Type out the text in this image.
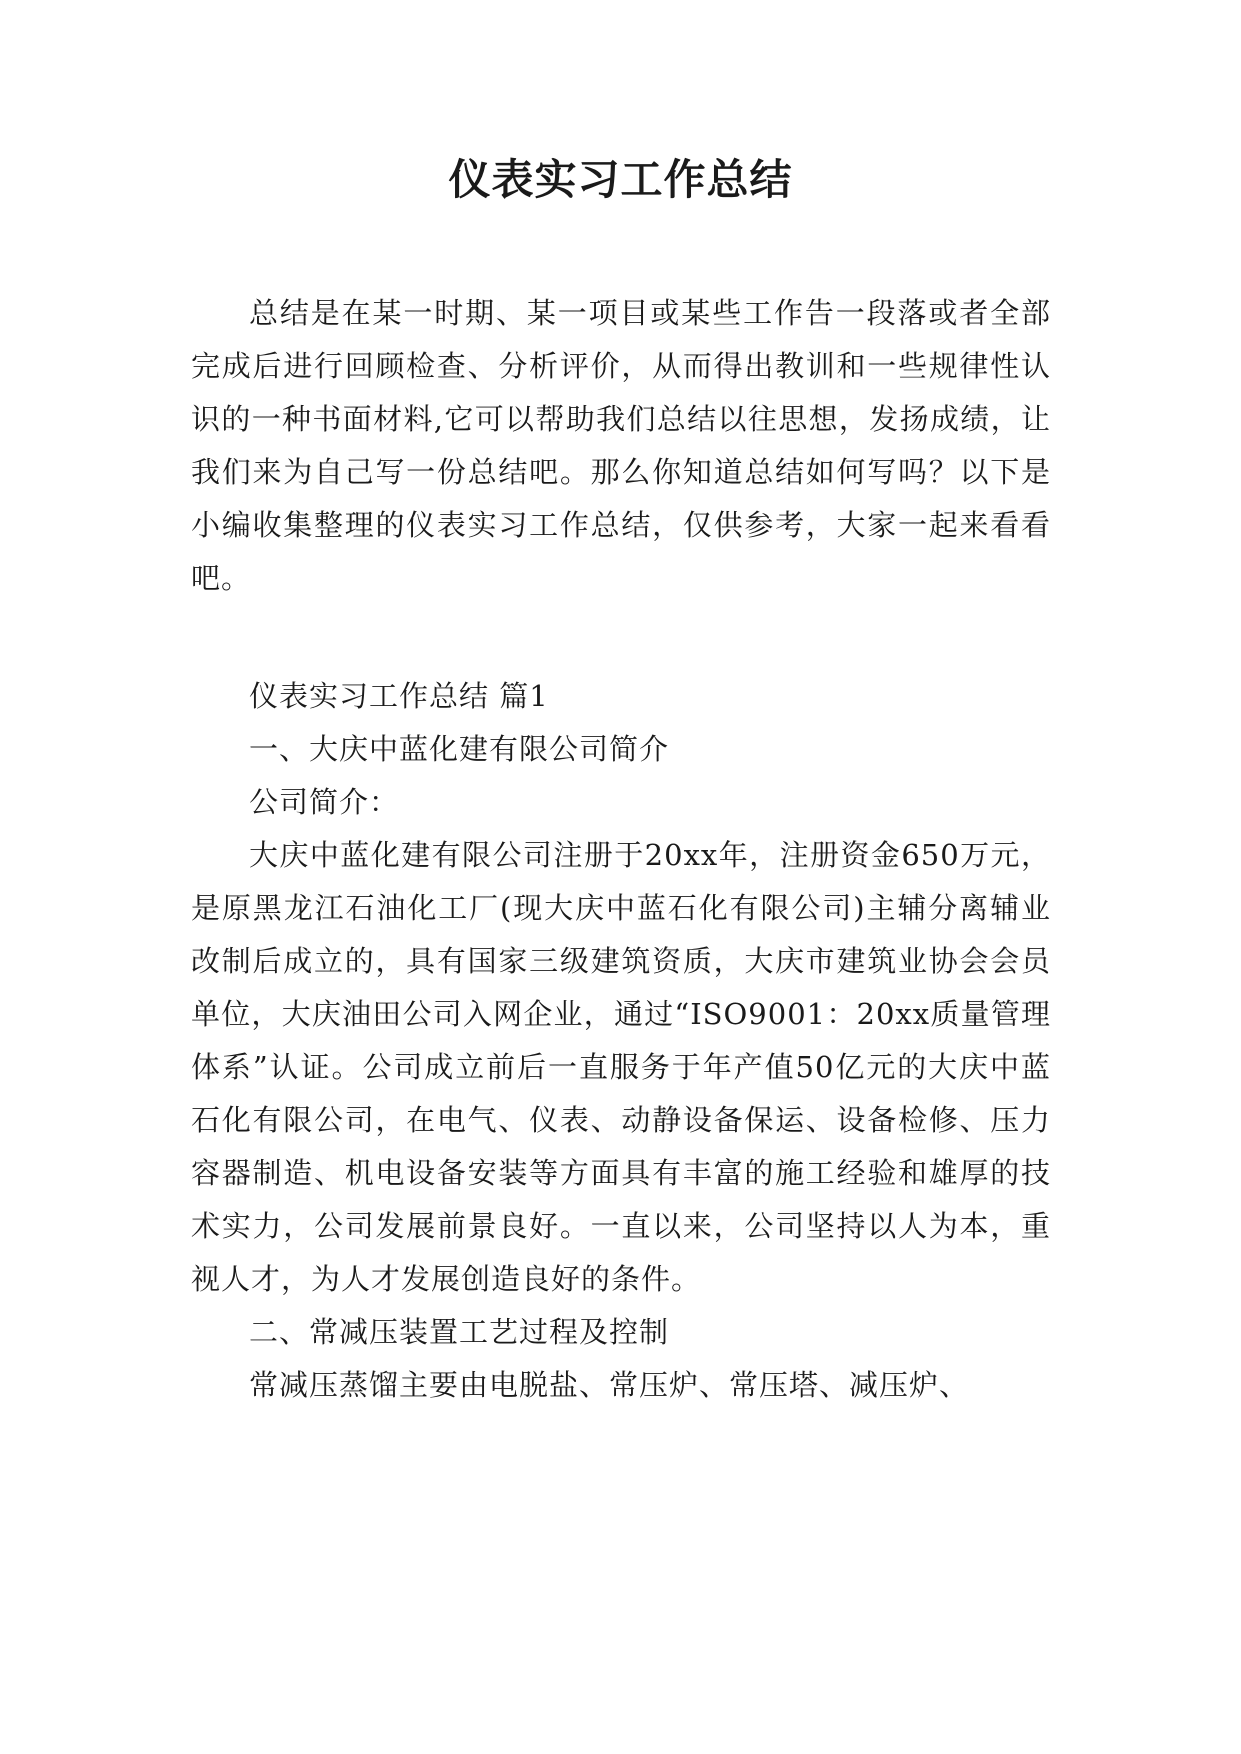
仪表实习工作总结

总结是在某一时期、某一项目或某些工作告一段落或者全部完成后进行回顾检查、分析评价，从而得出教训和一些规律性认识的一种书面材料,它可以帮助我们总结以往思想，发扬成绩，让我们来为自己写一份总结吧。那么你知道总结如何写吗？以下是小编收集整理的仪表实习工作总结，仅供参考，大家一起来看看吧。

仪表实习工作总结 篇1

一、大庆中蓝化建有限公司简介

公司简介：

大庆中蓝化建有限公司注册于20xx年，注册资金650万元，是原黑龙江石油化工厂(现大庆中蓝石化有限公司)主辅分离辅业改制后成立的，具有国家三级建筑资质，大庆市建筑业协会会员单位，大庆油田公司入网企业，通过“ISO9001：20xx质量管理体系”认证。公司成立前后一直服务于年产值50亿元的大庆中蓝石化有限公司，在电气、仪表、动静设备保运、设备检修、压力容器制造、机电设备安装等方面具有丰富的施工经验和雄厚的技术实力，公司发展前景良好。一直以来，公司坚持以人为本，重视人才，为人才发展创造良好的条件。

二、常减压装置工艺过程及控制

常减压蒸馏主要由电脱盐、常压炉、常压塔、减压炉、
